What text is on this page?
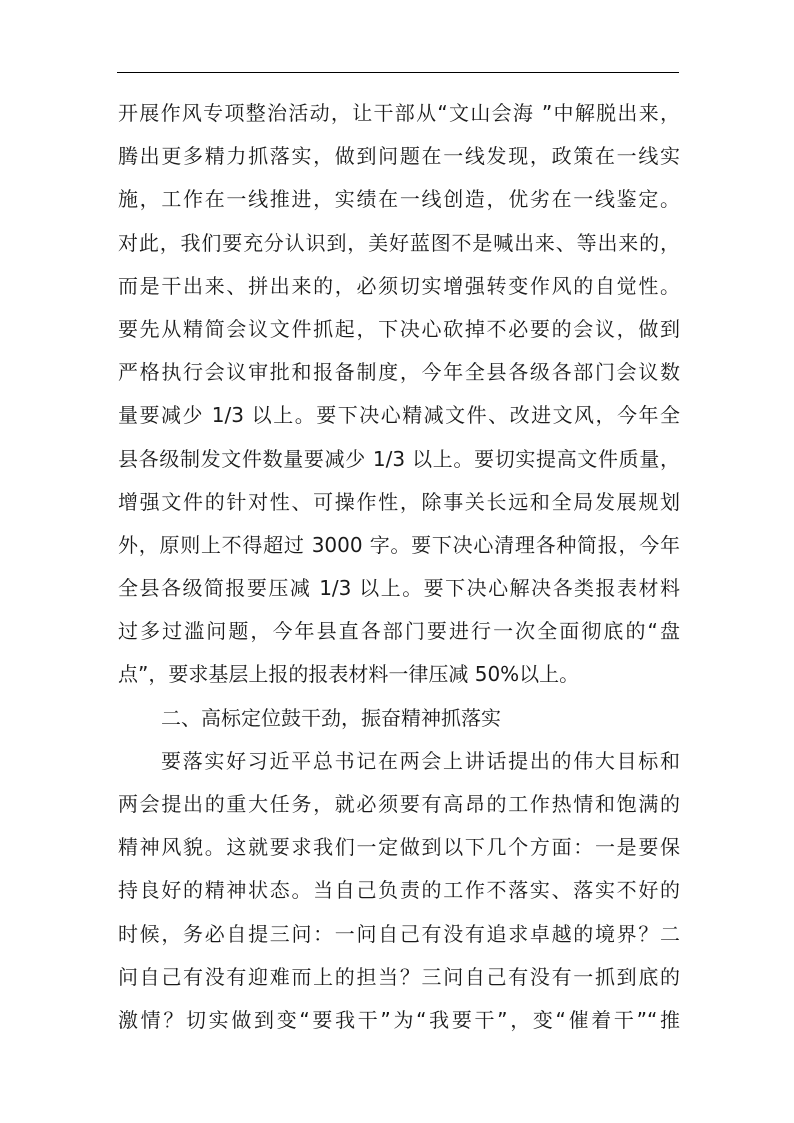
开展作风专项整治活动，让干部从“文山会海 ”中解脱出来，
腾出更多精力抓落实，做到问题在一线发现，政策在一线实
施，工作在一线推进，实绩在一线创造，优劣在一线鉴定。
对此，我们要充分认识到，美好蓝图不是喊出来、等出来的，
而是干出来、拼出来的，必须切实增强转变作风的自觉性。
要先从精简会议文件抓起，下决心砍掉不必要的会议，做到
严格执行会议审批和报备制度，今年全县各级各部门会议数
量要减少 1/3 以上。要下决心精减文件、改进文风，今年全
县各级制发文件数量要减少 1/3 以上。要切实提高文件质量，
增强文件的针对性、可操作性，除事关长远和全局发展规划
外，原则上不得超过 3000 字。要下决心清理各种简报，今年
全县各级简报要压减 1/3 以上。要下决心解决各类报表材料
过多过滥问题，今年县直各部门要进行一次全面彻底的“盘
点”，要求基层上报的报表材料一律压减 50%以上。
二、高标定位鼓干劲，振奋精神抓落实
要落实好习近平总书记在两会上讲话提出的伟大目标和
两会提出的重大任务，就必须要有高昂的工作热情和饱满的
精神风貌。这就要求我们一定做到以下几个方面：一是要保
持良好的精神状态。当自己负责的工作不落实、落实不好的
时候，务必自提三问：一问自己有没有追求卓越的境界？二
问自己有没有迎难而上的担当？三问自己有没有一抓到底的
激情？切实做到变“要我干”为“我要干”，变“催着干”“推
